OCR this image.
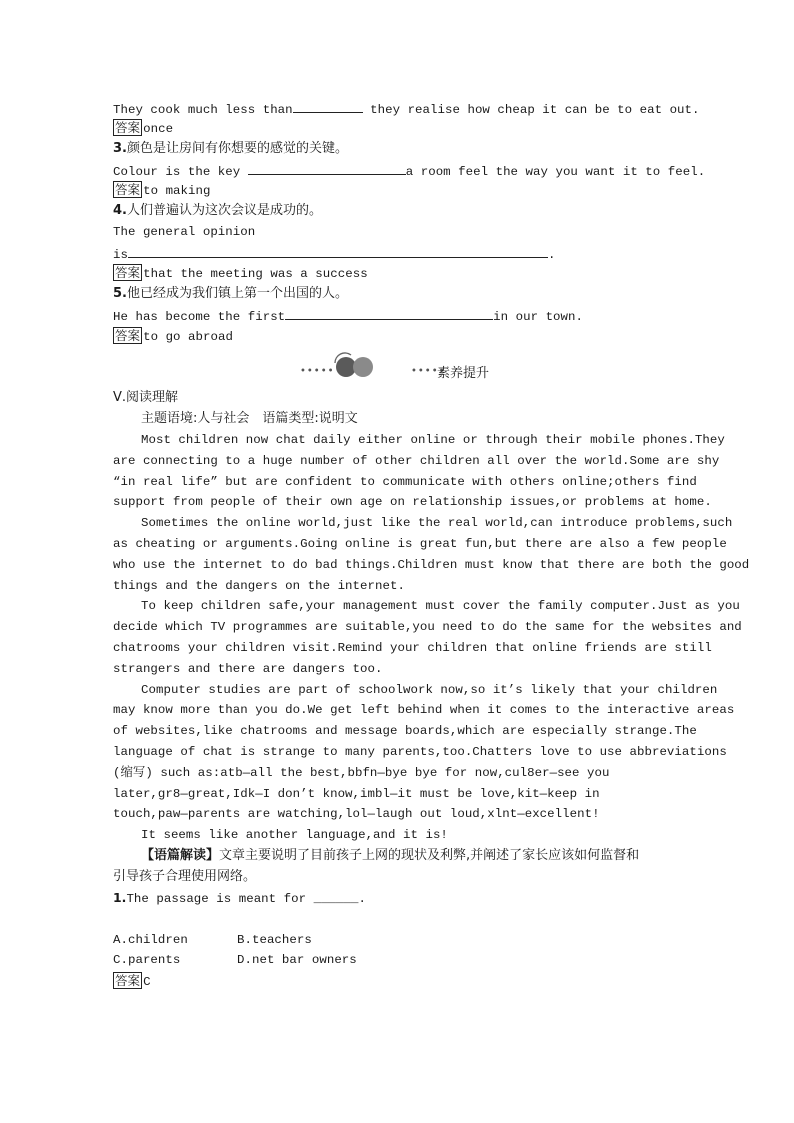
They cook much less than	they realise how cheap it can be to eat out.
答案 once
3.颜色是让房间有你想要的感觉的关键。
Colour is the key	a room feel the way you want it to feel.
答案 to making
4.人们普遍认为这次会议是成功的。
The general opinion
is	.
答案 that the meeting was a success
5.他已经成为我们镇上第一个出国的人。
He has become the first	in our town.
答案 to go abroad
•••••	•••••
素养提升
Ⅴ.阅读理解
主题语境:人与社会　语篇类型:说明文
Most children now chat daily either online or through their mobile phones.They
are connecting to a huge number of other children all over the world.Some are shy
“in real life” but are confident to communicate with others online;others find
support from people of their own age on relationship issues,or problems at home.
Sometimes the online world,just like the real world,can introduce problems,such
as cheating or arguments.Going online is great fun,but there are also a few people
who use the internet to do bad things.Children must know that there are both the good
things and the dangers on the internet.
To keep children safe,your management must cover the family computer.Just as you
decide which TV programmes are suitable,you need to do the same for the websites and
chatrooms your children visit.Remind your children that online friends are still
strangers and there are dangers too.
Computer studies are part of schoolwork now,so it’s likely that your children
may know more than you do.We get left behind when it comes to the interactive areas
of websites,like chatrooms and message boards,which are especially strange.The
language of chat is strange to many parents,too.Chatters love to use abbreviations
(缩写) such as:atb—all the best,bbfn—bye bye for now,cul8er—see you
later,gr8—great,Idk—I don’t know,imbl—it must be love,kit—keep in
touch,paw—parents are watching,lol—laugh out loud,xlnt—excellent!
It seems like another language,and it is!
【语篇解读】文章主要说明了目前孩子上网的现状及利弊,并阐述了家长应该如何监督和
引导孩子合理使用网络。
1.The passage is meant for ______.
A.children	B.teachers
C.parents	D.net bar owners
答案 C
